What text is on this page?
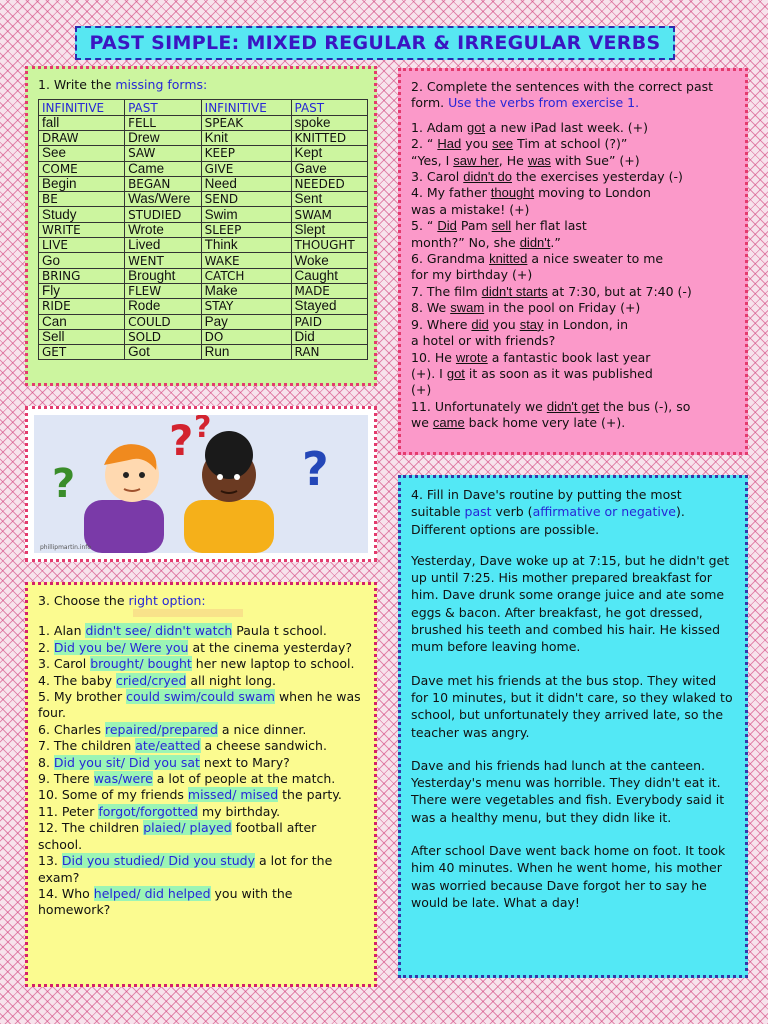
PAST SIMPLE: MIXED REGULAR & IRREGULAR VERBS

1. Write the missing forms:

INFINITIVE	PAST	INFINITIVE	PAST
fall	FELL	SPEAK	spoke
DRAW	Drew	Knit	KNITTED
See	SAW	KEEP	Kept
COME	Came	GIVE	Gave
Begin	BEGAN	Need	NEEDED
BE	Was/Were	SEND	Sent
Study	STUDIED	Swim	SWAM
WRITE	Wrote	SLEEP	Slept
LIVE	Lived	Think	THOUGHT
Go	WENT	WAKE	Woke
BRING	Brought	CATCH	Caught
Fly	FLEW	Make	MADE
RIDE	Rode	STAY	Stayed
Can	COULD	Pay	PAID
Sell	SOLD	DO	Did
GET	Got	Run	RAN

2. Complete the sentences with the correct past

form. Use the verbs from exercise 1.

1. Adam got a new iPad last week. (+)

2. “ Had you see Tim at school (?)”

“Yes, I saw her, He was with Sue” (+)

3. Carol didn't do the exercises yesterday (-)

4. My father thought moving to London

was a mistake! (+)

5. “ Did Pam sell her flat last

month?” No, she didn't.”

6. Grandma knitted a nice sweater to me

for my birthday (+)

7. The film didn't starts at 7:30, but at 7:40 (-)

8. We swam in the pool on Friday (+)

9. Where did you stay in London, in

a hotel or with friends?

10. He wrote a fantastic book last year

(+). I got it as soon as it was published

(+)

11. Unfortunately we didn't get the bus (-), so

we came back home very late (+).

? ?
?	?
phillipmartin.info

3. Choose the right option:

1. Alan didn't see/ didn't watch Paula t school.

2. Did you be/ Were you at the cinema yesterday?

3. Carol brought/ bought her new laptop to school.

4. The baby cried/cryed all night long.

5. My brother could swim/could swam when he was four.

6. Charles repaired/prepared a nice dinner.

7. The children ate/eatted a cheese sandwich.

8. Did you sit/ Did you sat next to Mary?

9. There was/were a lot of people at the match.

10. Some of my friends missed/ mised the party.

11. Peter forgot/forgotted my birthday.

12. The children plaied/ played football after school.

13. Did you studied/ Did you study a lot for the exam?

14. Who helped/ did helped you with the homework?

4. Fill in Dave's routine by putting the most

suitable past verb (affirmative or negative).

Different options are possible.

Yesterday, Dave woke up at 7:15, but he didn't get up until 7:25. His mother prepared breakfast for him. Dave drunk some orange juice and ate some eggs & bacon. After breakfast, he got dressed, brushed his teeth and combed his hair. He kissed mum before leaving home.

Dave met his friends at the bus stop. They wited for 10 minutes, but it didn't care, so they wlaked to school, but unfortunately they arrived late, so the teacher was angry.

Dave and his friends had lunch at the canteen. Yesterday's menu was horrible. They didn't eat it. There were vegetables and fish. Everybody said it was a healthy menu, but they didn like it.

After school Dave went back home on foot. It took him 40 minutes. When he went home, his mother was worried because Dave forgot her to say he would be late. What a day!
